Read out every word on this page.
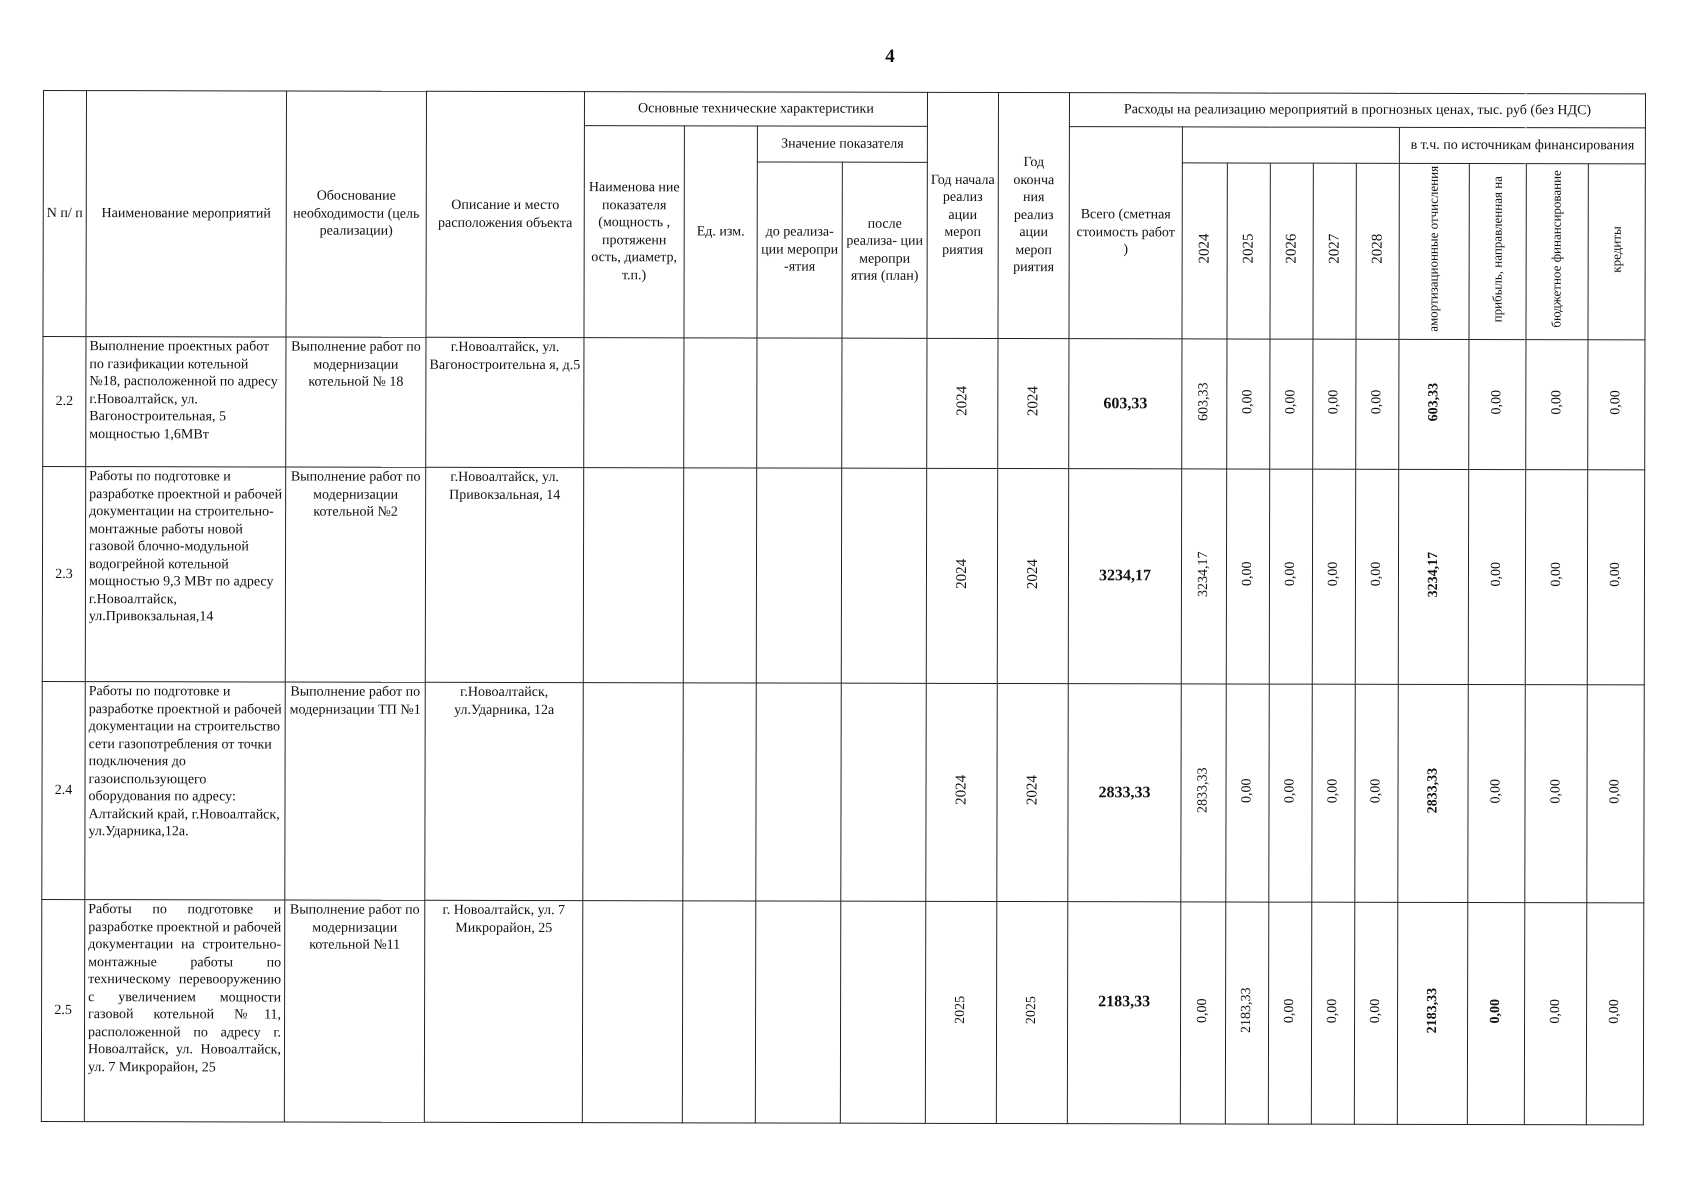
4
N п/ п	Наименование мероприятий	Обоснование необходимости (цель реализации)	Описание и место расположения объекта	Основные технические характеристики				Год начала реализ ации мероп риятия	Год оконча ния реализ ации мероп риятия	Расходы на реализацию мероприятий в прогнозных ценах, тыс. руб (без НДС)									
				Наименова ние показателя (мощность , протяженн ость, диаметр, т.п.)	Ед. изм.	Значение показателя				Всего (сметная стоимость работ )						в т.ч. по источникам финансирования			
						до реализа- ции меропри -ятия	после реализа- ции меропри ятия (план)				2024	2025	2026	2027	2028	амортизационные отчисления	прибыль, направленная на	бюджетное финансирование	кредиты
2.2	Выполнение проектных работ по газификации котельной №18, расположенной по адресу г.Новоалтайск, ул. Вагоностроительная, 5 мощностью 1,6МВт	Выполнение работ по модернизации котельной № 18	г.Новоалтайск, ул. Вагоностроительна я, д.5					2024	2024	603,33	603,33	0,00	0,00	0,00	0,00	603,33	0,00	0,00	0,00
2.3	Работы по подготовке и разработке проектной и рабочей документации на строительно-монтажные работы новой газовой блочно-модульной водогрейной котельной мощностью 9,3 МВт по адресу г.Новоалтайск, ул.Привокзальная,14	Выполнение работ по модернизации котельной №2	г.Новоалтайск, ул. Привокзальная, 14					2024	2024	3234,17	3234,17	0,00	0,00	0,00	0,00	3234,17	0,00	0,00	0,00
2.4	Работы по подготовке и разработке проектной и рабочей документации на строительство сети газопотребления от точки подключения до газоиспользующего оборудования по адресу: Алтайский край, г.Новоалтайск, ул.Ударника,12а.	Выполнение работ по модернизации ТП №1	г.Новоалтайск, ул.Ударника, 12а					2024	2024	2833,33	2833,33	0,00	0,00	0,00	0,00	2833,33	0,00	0,00	0,00
2.5	Работы по подготовке и разработке проектной и рабочей документации на строительно-монтажные работы по техническому перевооружению с увеличением мощности газовой котельной №11, расположенной по адресу г. Новоалтайск, ул. Новоалтайск, ул. 7 Микрорайон, 25	Выполнение работ по модернизации котельной №11	г. Новоалтайск, ул. 7 Микрорайон, 25					2025	2025	2183,33	0,00	2183,33	0,00	0,00	0,00	2183,33	0,00	0,00	0,00
